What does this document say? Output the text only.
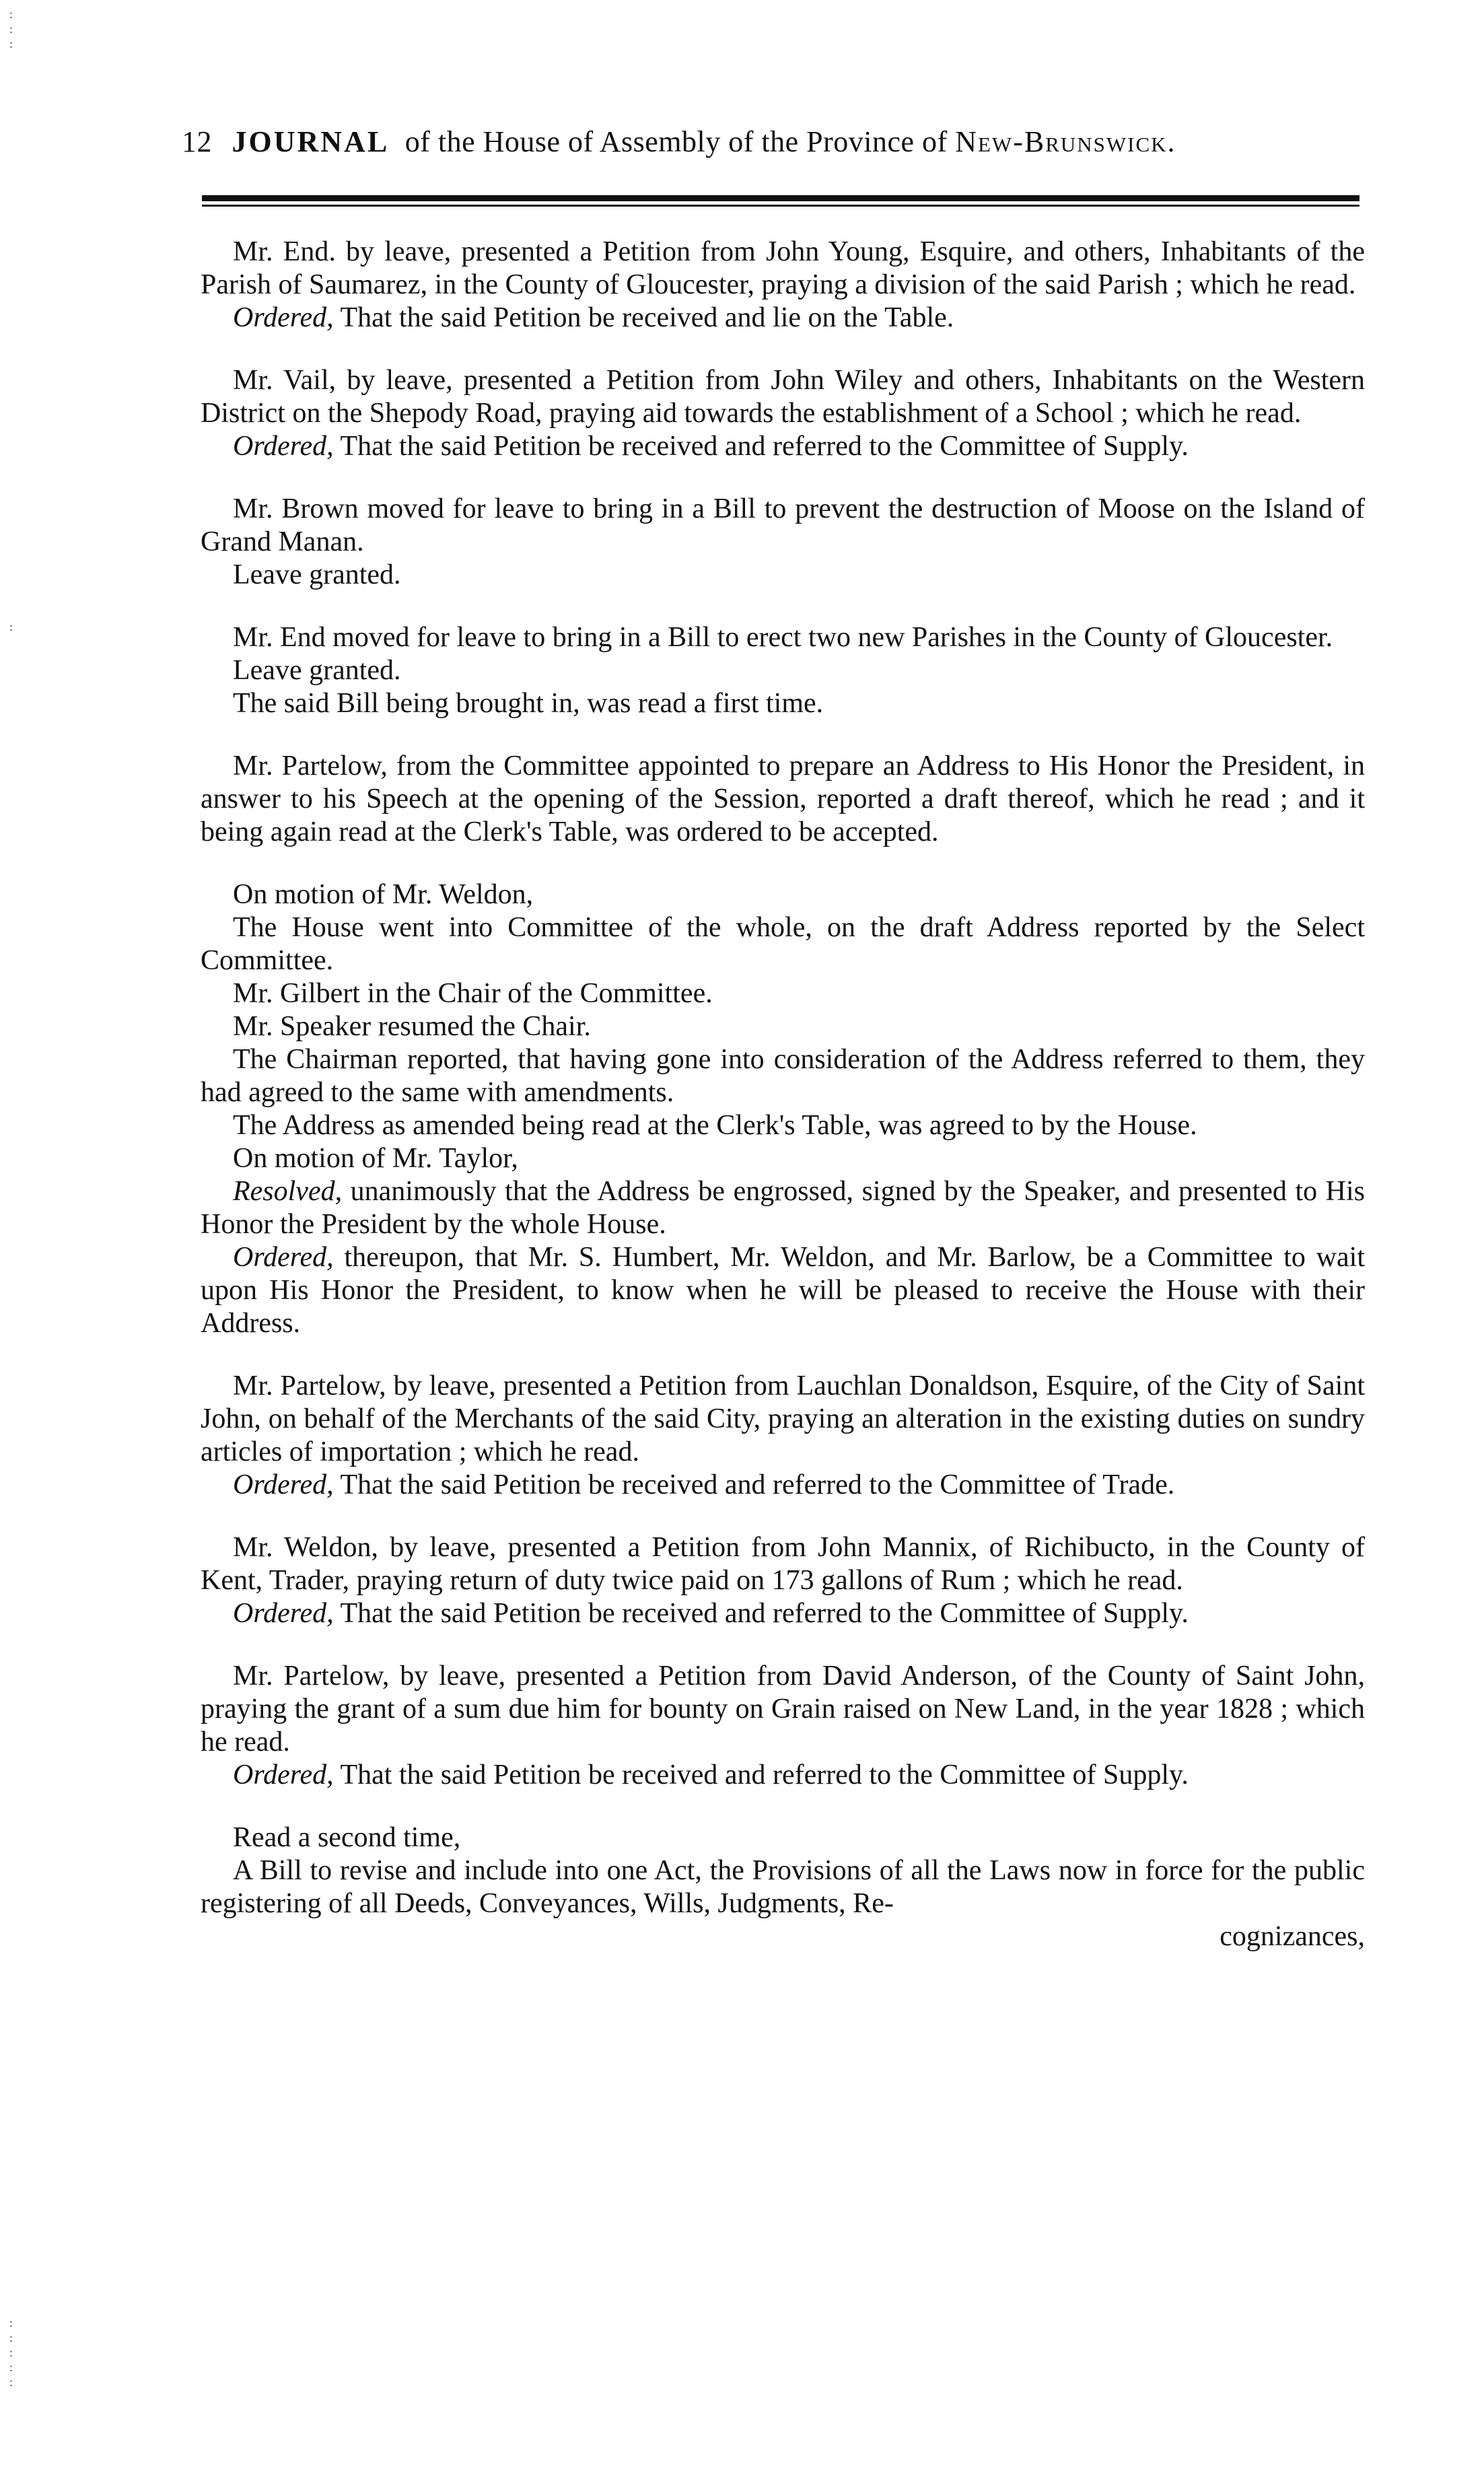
12 JOURNAL of the House of Assembly of the Province of New-Brunswick.

Mr. End. by leave, presented a Petition from John Young, Esquire, and others, Inhabitants of the Parish of Saumarez, in the County of Gloucester, praying a division of the said Parish ; which he read.

Ordered, That the said Petition be received and lie on the Table.

Mr. Vail, by leave, presented a Petition from John Wiley and others, Inhabitants on the Western District on the Shepody Road, praying aid towards the establishment of a School ; which he read.

Ordered, That the said Petition be received and referred to the Committee of Supply.

Mr. Brown moved for leave to bring in a Bill to prevent the destruction of Moose on the Island of Grand Manan.

Leave granted.

Mr. End moved for leave to bring in a Bill to erect two new Parishes in the County of Gloucester.

Leave granted.

The said Bill being brought in, was read a first time.

Mr. Partelow, from the Committee appointed to prepare an Address to His Honor the President, in answer to his Speech at the opening of the Session, reported a draft thereof, which he read ; and it being again read at the Clerk's Table, was ordered to be accepted.

On motion of Mr. Weldon,

The House went into Committee of the whole, on the draft Address reported by the Select Committee.

Mr. Gilbert in the Chair of the Committee.

Mr. Speaker resumed the Chair.

The Chairman reported, that having gone into consideration of the Address referred to them, they had agreed to the same with amendments.

The Address as amended being read at the Clerk's Table, was agreed to by the House.

On motion of Mr. Taylor,

Resolved, unanimously that the Address be engrossed, signed by the Speaker, and presented to His Honor the President by the whole House.

Ordered, thereupon, that Mr. S. Humbert, Mr. Weldon, and Mr. Barlow, be a Committee to wait upon His Honor the President, to know when he will be pleased to receive the House with their Address.

Mr. Partelow, by leave, presented a Petition from Lauchlan Donaldson, Esquire, of the City of Saint John, on behalf of the Merchants of the said City, praying an alteration in the existing duties on sundry articles of importation ; which he read.

Ordered, That the said Petition be received and referred to the Committee of Trade.

Mr. Weldon, by leave, presented a Petition from John Mannix, of Richibucto, in the County of Kent, Trader, praying return of duty twice paid on 173 gallons of Rum ; which he read.

Ordered, That the said Petition be received and referred to the Committee of Supply.

Mr. Partelow, by leave, presented a Petition from David Anderson, of the County of Saint John, praying the grant of a sum due him for bounty on Grain raised on New Land, in the year 1828 ; which he read.

Ordered, That the said Petition be received and referred to the Committee of Supply.

Read a second time,

A Bill to revise and include into one Act, the Provisions of all the Laws now in force for the public registering of all Deeds, Conveyances, Wills, Judgments, Re-

cognizances,

:
:
:
:
:
:
:
:
:
